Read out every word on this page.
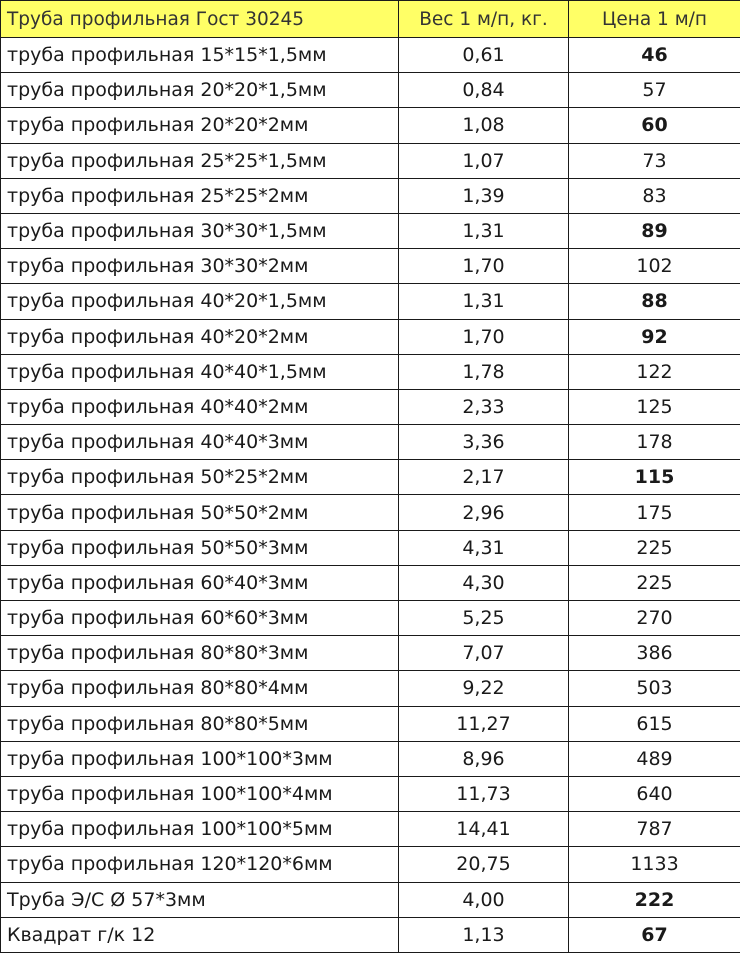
Труба профильная Гост 30245	Вес 1 м/п, кг.	Цена 1 м/п
труба профильная 15*15*1,5мм	0,61	46
труба профильная 20*20*1,5мм	0,84	57
труба профильная 20*20*2мм	1,08	60
труба профильная 25*25*1,5мм	1,07	73
труба профильная 25*25*2мм	1,39	83
труба профильная 30*30*1,5мм	1,31	89
труба профильная 30*30*2мм	1,70	102
труба профильная 40*20*1,5мм	1,31	88
труба профильная 40*20*2мм	1,70	92
труба профильная 40*40*1,5мм	1,78	122
труба профильная 40*40*2мм	2,33	125
труба профильная 40*40*3мм	3,36	178
труба профильная 50*25*2мм	2,17	115
труба профильная 50*50*2мм	2,96	175
труба профильная 50*50*3мм	4,31	225
труба профильная 60*40*3мм	4,30	225
труба профильная 60*60*3мм	5,25	270
труба профильная 80*80*3мм	7,07	386
труба профильная 80*80*4мм	9,22	503
труба профильная 80*80*5мм	11,27	615
труба профильная 100*100*3мм	8,96	489
труба профильная 100*100*4мм	11,73	640
труба профильная 100*100*5мм	14,41	787
труба профильная 120*120*6мм	20,75	1133
Труба Э/С Ø 57*3мм	4,00	222
Квадрат г/к 12	1,13	67
